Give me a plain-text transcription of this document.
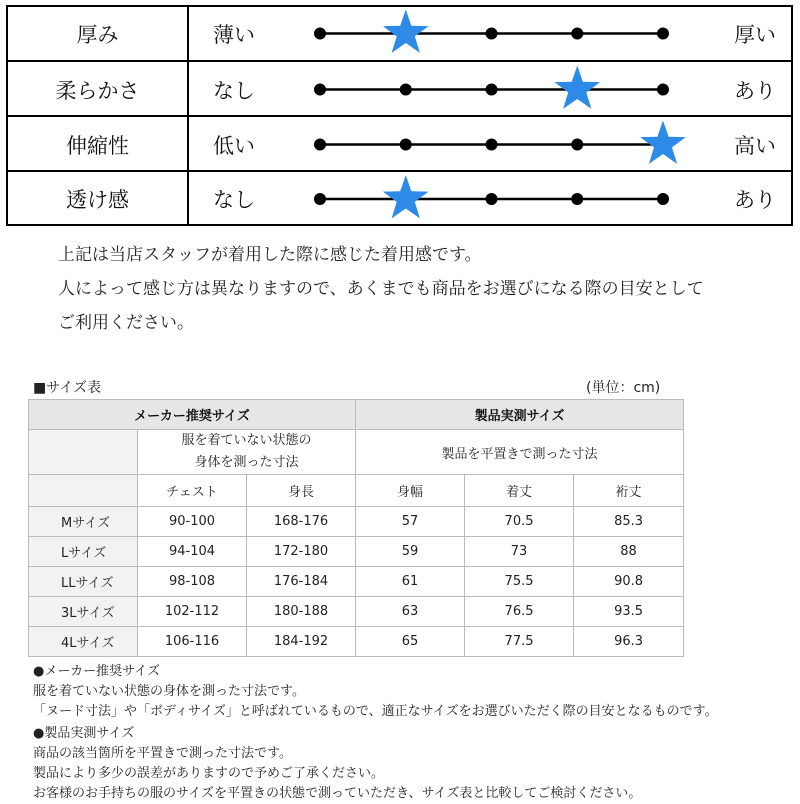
厚み	薄い	厚い
柔らかさ	なし	あり
伸縮性	低い	高い
透け感	なし	あり
上記は当店スタッフが着用した際に感じた着用感です。
人によって感じ方は異なりますので、あくまでも商品をお選びになる際の目安として
ご利用ください。
■サイズ表	(単位：cm)
メーカー推奨サイズ			製品実測サイズ		

	服を着ていない状態の
身体を測った寸法		製品を平置きで測った寸法		
	チェスト	身長	身幅	着丈	裄丈
Mサイズ	90-100	168-176	57	70.5	85.3
Lサイズ	94-104	172-180	59	73	88
LLサイズ	98-108	176-184	61	75.5	90.8
3Lサイズ	102-112	180-188	63	76.5	93.5
4Lサイズ	106-116	184-192	65	77.5	96.3
●メーカー推奨サイズ
服を着ていない状態の身体を測った寸法です。
「ヌード寸法」や「ボディサイズ」と呼ばれているもので、適正なサイズをお選びいただく際の目安となるものです。
●製品実測サイズ
商品の該当箇所を平置きで測った寸法です。
製品により多少の誤差がありますので予めご了承ください。
お客様のお手持ちの服のサイズを平置きの状態で測っていただき、サイズ表と比較してご検討ください。
